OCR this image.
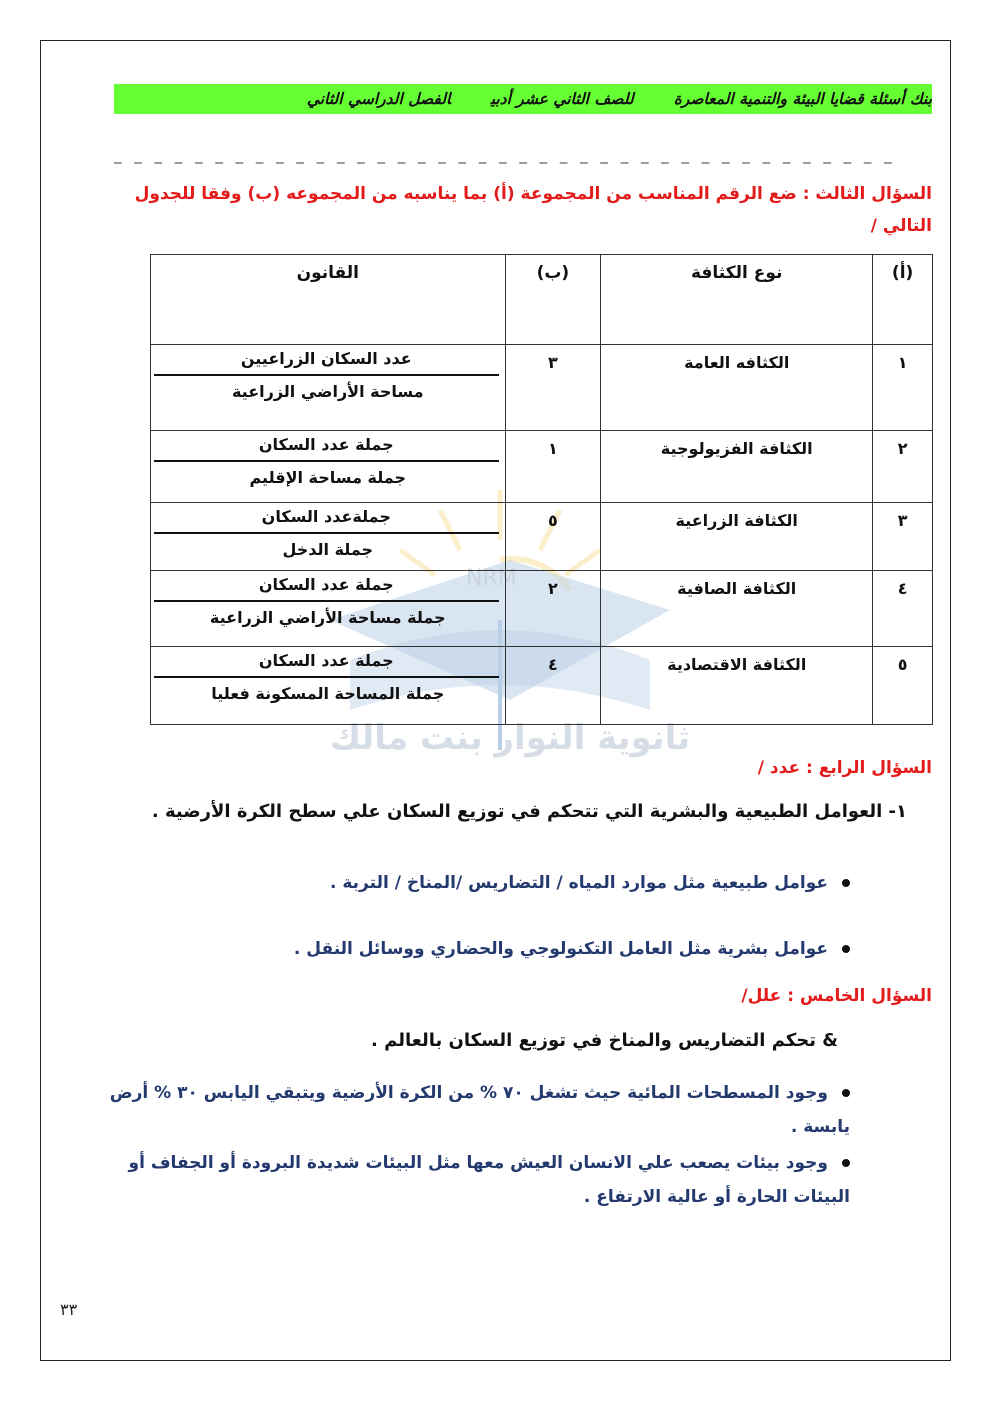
بنك أسئلة قضايا البيئة والتنمية المعاصرةللصف الثاني عشر أدبيالفصل الدراسي الثاني
_ _ _ _ _ _ _ _ _ _ _ _ _ _ _ _ _ _ _ _ _ _ _ _ _ _ _ _ _ _ _ _ _ _ _ _ _ _ _
السؤال الثالث : ضع الرقم المناسب من المجموعة (أ) بما يناسبه من المجموعه (ب) وفقا للجدول التالي /
NRM
ثانوية النوار بنت مالك
(أ)	نوع الكثافة	(ب)	القانون
١	الكثافه العامة	٣	عدد السكان الزراعيين
مساحة الأراضي الزراعية

٢	الكثافة الفزيولوجية	١	جملة عدد السكان
جملة مساحة الإقليم

٣	الكثافة الزراعية	٥	جملةعدد السكان
جملة الدخل

٤	الكثافة الصافية	٢	جملة عدد السكان
جملة مساحة الأراضي الزراعية

٥	الكثافة الاقتصادية	٤	جملة عدد السكان
جملة المساحة المسكونة فعليا
السؤال الرابع : عدد /
١- العوامل الطبيعية والبشرية التي تتحكم في توزيع السكان علي سطح الكرة الأرضية .
عوامل طبيعية مثل موارد المياه / التضاريس /المناخ / التربة .
عوامل بشرية مثل العامل التكنولوجي والحضاري ووسائل النقل .
السؤال الخامس : علل/
& تحكم التضاريس والمناخ في توزيع السكان بالعالم .
وجود المسطحات المائية حيث تشغل ٧٠ % من الكرة الأرضية ويتبقي اليابس ٣٠ % أرض يابسة .
وجود بيئات يصعب علي الانسان العيش معها مثل البيئات شديدة البرودة أو الجفاف أو البيئات الحارة أو عالية الارتفاع .
٣٣
